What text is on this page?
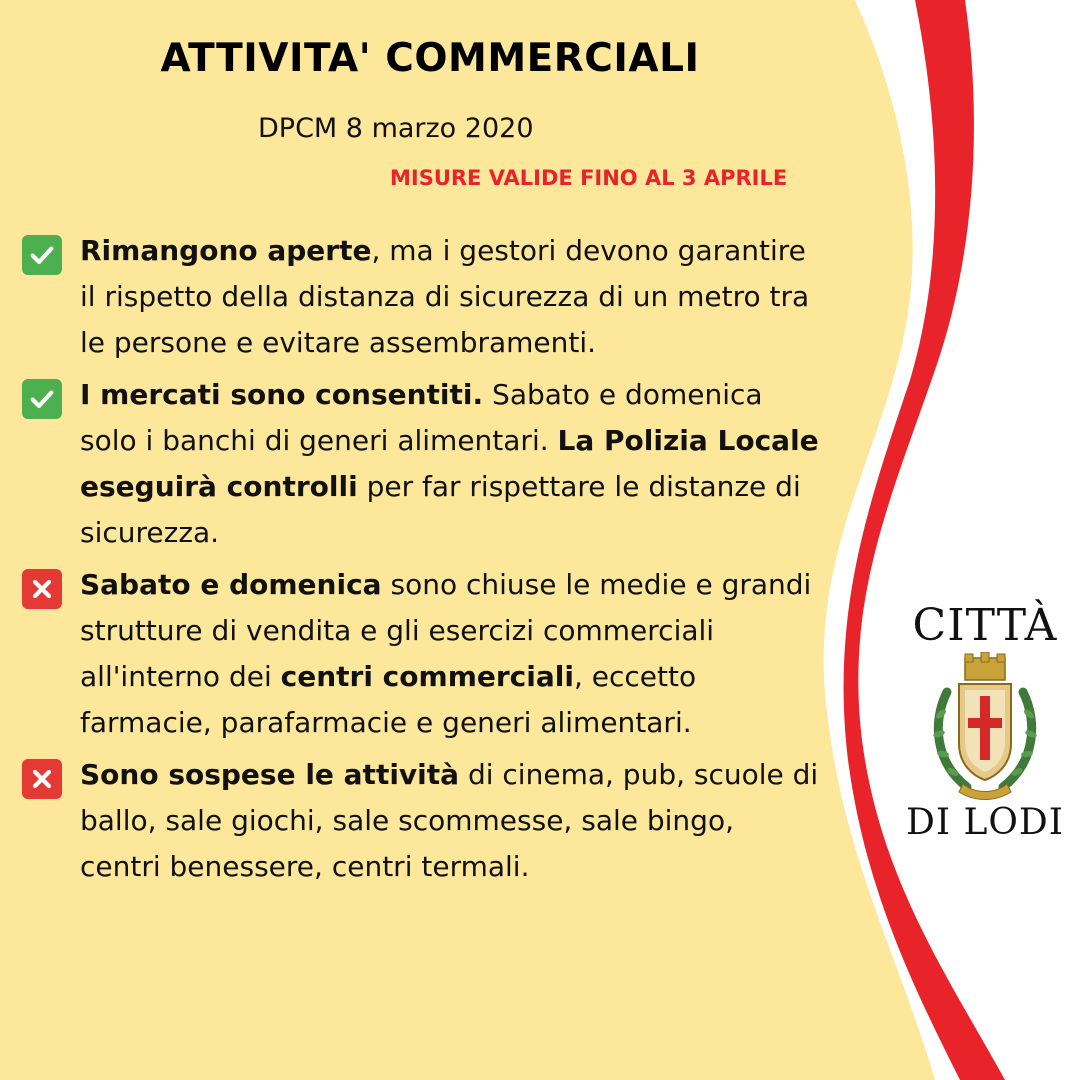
ATTIVITA' COMMERCIALI
DPCM 8 marzo 2020
MISURE VALIDE FINO AL 3 APRILE

Rimangono aperte, ma i gestori devono garantire il rispetto della distanza di sicurezza di un metro tra le persone e evitare assembramenti.

I mercati sono consentiti. Sabato e domenica solo i banchi di generi alimentari. La Polizia Locale eseguirà controlli per far rispettare le distanze di sicurezza.

Sabato e domenica sono chiuse le medie e grandi strutture di vendita e gli esercizi commerciali all'interno dei centri commerciali, eccetto farmacie, parafarmacie e generi alimentari.

Sono sospese le attività di cinema, pub, scuole di ballo, sale giochi, sale scommesse, sale bingo, centri benessere, centri termali.

CITTÀ
DI LODI
